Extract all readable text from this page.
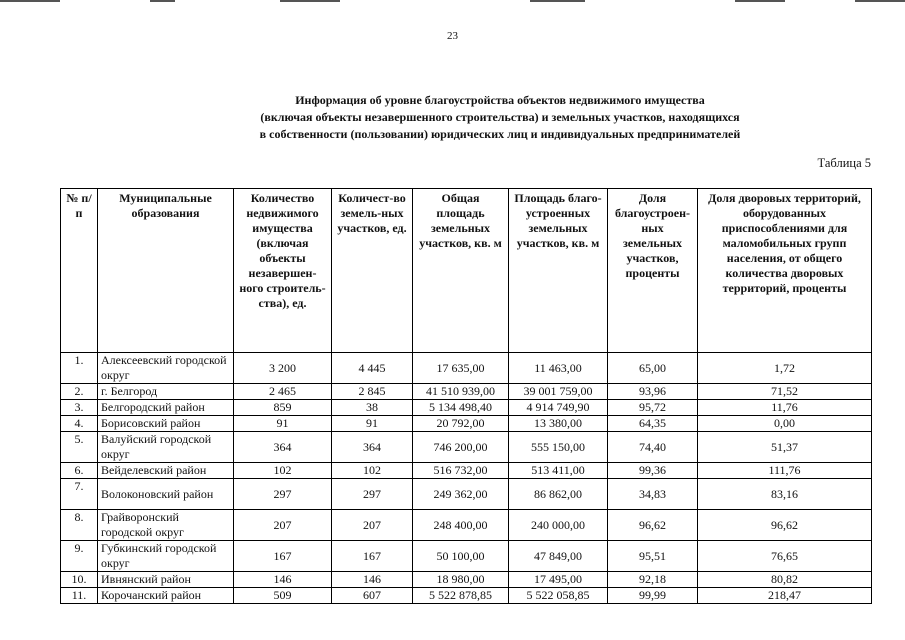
23
Информация об уровне благоустройства объектов недвижимого имущества
(включая объекты незавершенного строительства) и земельных участков, находящихся
в собственности (пользовании) юридических лиц и индивидуальных предпринимателей
Таблица 5
№ п/п	Муниципальные образования	Количество недвижимого имущества (включая объекты незавершен-ного строитель-ства), ед.	Количест-во земель-ных участков, ед.	Общая площадь земельных участков, кв. м	Площадь благо-устроенных земельных участков, кв. м	Доля благоустроен-ных земельных участков, проценты	Доля дворовых территорий, оборудованных приспособлениями для маломобильных групп населения, от общего количества дворовых территорий, проценты
1.	Алексеевский городской округ	3 200	4 445	17 635,00	11 463,00	65,00	1,72
2.	г. Белгород	2 465	2 845	41 510 939,00	39 001 759,00	93,96	71,52
3.	Белгородский район	859	38	5 134 498,40	4 914 749,90	95,72	11,76
4.	Борисовский район	91	91	20 792,00	13 380,00	64,35	0,00
5.	Валуйский городской округ	364	364	746 200,00	555 150,00	74,40	51,37
6.	Вейделевский район	102	102	516 732,00	513 411,00	99,36	111,76
7.	Волоконовский район	297	297	249 362,00	86 862,00	34,83	83,16
8.	Грайворонский городской округ	207	207	248 400,00	240 000,00	96,62	96,62
9.	Губкинский городской округ	167	167	50 100,00	47 849,00	95,51	76,65
10.	Ивнянский район	146	146	18 980,00	17 495,00	92,18	80,82
11.	Корочанский район	509	607	5 522 878,85	5 522 058,85	99,99	218,47
